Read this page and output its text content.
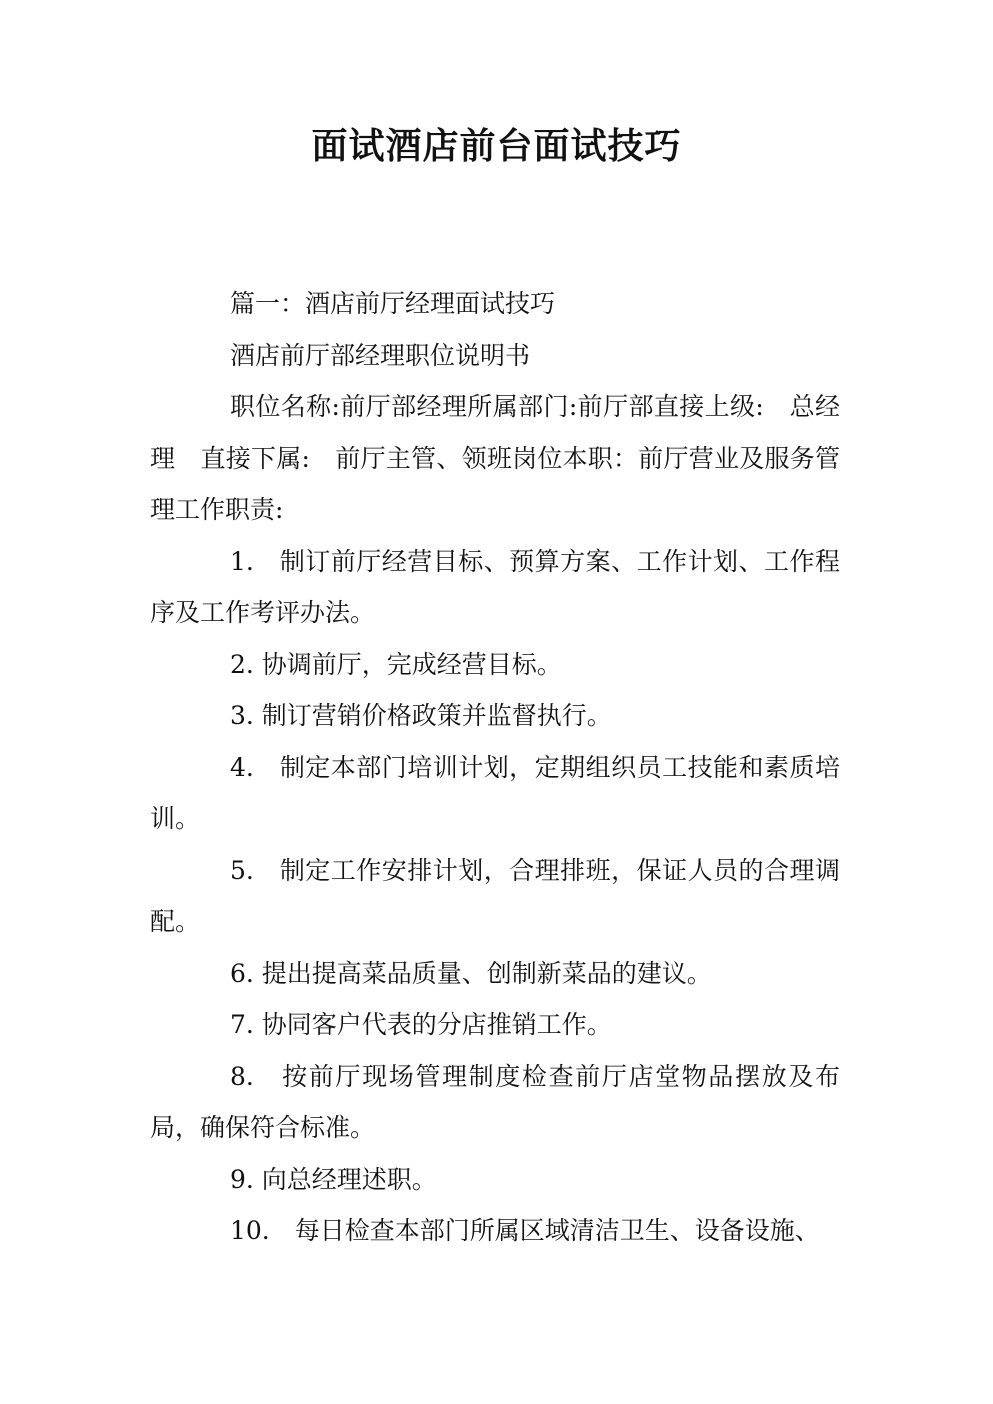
面试酒店前台面试技巧

篇一：酒店前厅经理面试技巧

酒店前厅部经理职位说明书

职位名称:前厅部经理所属部门:前厅部直接上级:　总经理　直接下属:　前厅主管、领班岗位本职：前厅营业及服务管理工作职责:

1.　制订前厅经营目标、预算方案、工作计划、工作程序及工作考评办法。

2. 协调前厅，完成经营目标。

3. 制订营销价格政策并监督执行。

4.　制定本部门培训计划，定期组织员工技能和素质培训。

5.　制定工作安排计划，合理排班，保证人员的合理调配。

6. 提出提高菜品质量、创制新菜品的建议。

7. 协同客户代表的分店推销工作。

8.　按前厅现场管理制度检查前厅店堂物品摆放及布局，确保符合标准。

9. 向总经理述职。

10.　每日检查本部门所属区域清洁卫生、设备设施、
